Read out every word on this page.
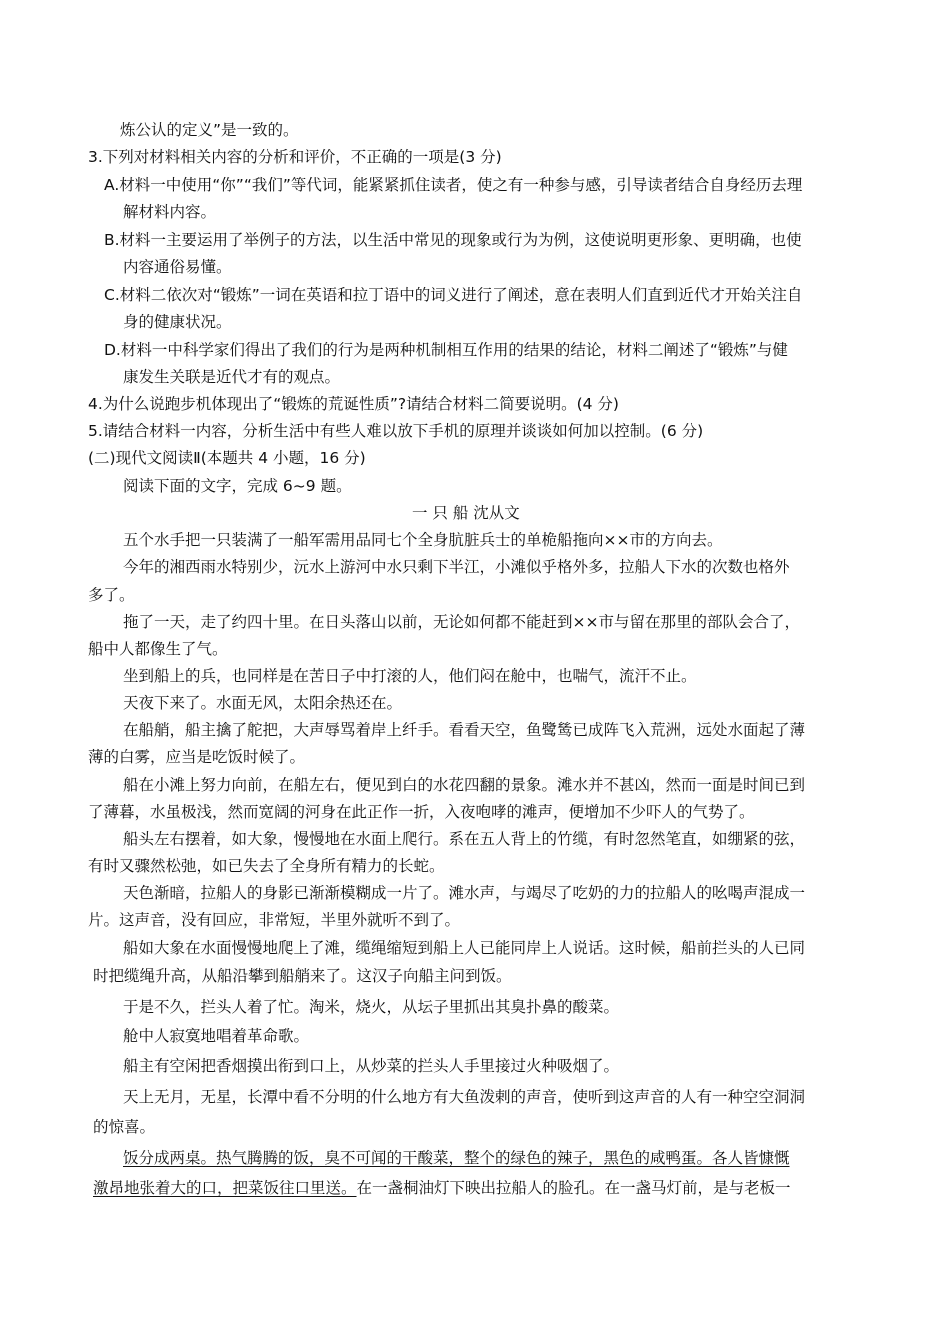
炼公认的定义”是一致的。
3.下列对材料相关内容的分析和评价，不正确的一项是(3 分)
A.材料一中使用“你”“我们”等代词，能紧紧抓住读者，使之有一种参与感，引导读者结合自身经历去理
解材料内容。
B.材料一主要运用了举例子的方法，以生活中常见的现象或行为为例，这使说明更形象、更明确，也使
内容通俗易懂。
C.材料二依次对“锻炼”一词在英语和拉丁语中的词义进行了阐述，意在表明人们直到近代才开始关注自
身的健康状况。
D.材料一中科学家们得出了我们的行为是两种机制相互作用的结果的结论，材料二阐述了“锻炼”与健
康发生关联是近代才有的观点。
4.为什么说跑步机体现出了“锻炼的荒诞性质”?请结合材料二简要说明。(4 分)
5.请结合材料一内容，分析生活中有些人难以放下手机的原理并谈谈如何加以控制。(6 分)
(二)现代文阅读Ⅱ(本题共 4 小题，16 分)
阅读下面的文字，完成 6~9 题。
一 只 船 沈从文
五个水手把一只装满了一船军需用品同七个全身肮脏兵士的单桅船拖向××市的方向去。
今年的湘西雨水特别少，沅水上游河中水只剩下半江，小滩似乎格外多，拉船人下水的次数也格外
多了。
拖了一天，走了约四十里。在日头落山以前，无论如何都不能赶到××市与留在那里的部队会合了，
船中人都像生了气。
坐到船上的兵，也同样是在苦日子中打滚的人，他们闷在舱中，也喘气，流汗不止。
天夜下来了。水面无风，太阳余热还在。
在船艄，船主擒了舵把，大声辱骂着岸上纤手。看看天空，鱼鹭鸶已成阵飞入荒洲，远处水面起了薄
薄的白雾，应当是吃饭时候了。
船在小滩上努力向前，在船左右，便见到白的水花四翻的景象。滩水并不甚凶，然而一面是时间已到
了薄暮，水虽极浅，然而宽阔的河身在此正作一折，入夜咆哮的滩声，便增加不少吓人的气势了。
船头左右摆着，如大象，慢慢地在水面上爬行。系在五人背上的竹缆，有时忽然笔直，如绷紧的弦，
有时又骤然松弛，如已失去了全身所有精力的长蛇。
天色渐暗，拉船人的身影已渐渐模糊成一片了。滩水声，与竭尽了吃奶的力的拉船人的吆喝声混成一
片。这声音，没有回应，非常短，半里外就听不到了。
船如大象在水面慢慢地爬上了滩，缆绳缩短到船上人已能同岸上人说话。这时候，船前拦头的人已同
时把缆绳升高，从船沿攀到船艄来了。这汉子向船主问到饭。
于是不久，拦头人着了忙。淘米，烧火，从坛子里抓出其臭扑鼻的酸菜。
舱中人寂寞地唱着革命歌。
船主有空闲把香烟摸出衔到口上，从炒菜的拦头人手里接过火种吸烟了。
天上无月，无星，长潭中看不分明的什么地方有大鱼泼剌的声音，使听到这声音的人有一种空空洞洞
的惊喜。
饭分成两桌。热气腾腾的饭，臭不可闻的干酸菜，整个的绿色的辣子，黑色的咸鸭蛋。各人皆慷慨
激昂地张着大的口，把菜饭往口里送。在一盏桐油灯下映出拉船人的脸孔。在一盏马灯前，是与老板一
